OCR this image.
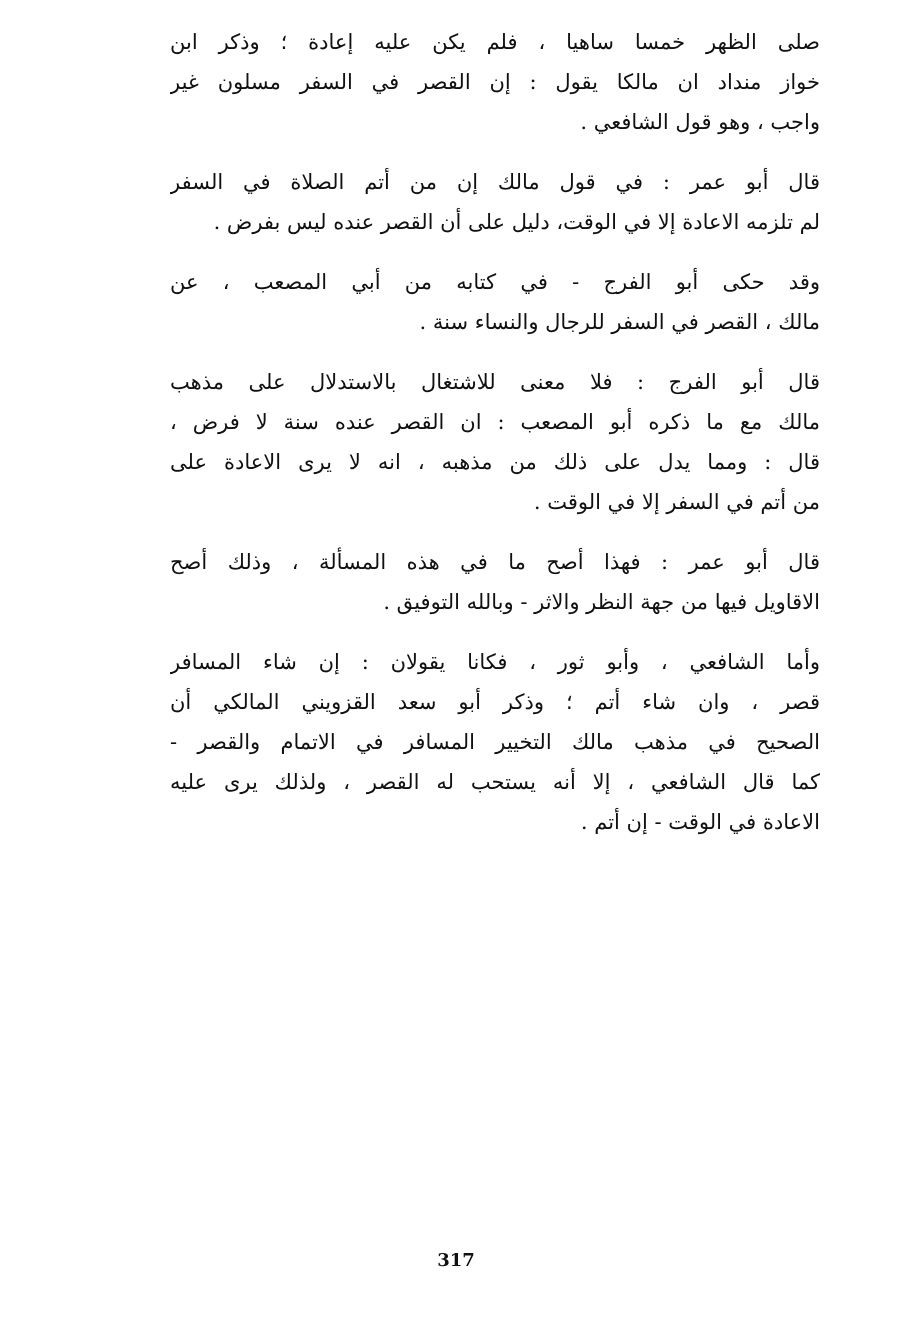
صلى الظهر خمسا ساهيا ، فلم يكن عليه إعادة ؛ وذكر ابن
خواز منداد ان مالكا يقول : إن القصر في السفر مسلون غير
واجب ، وهو قول الشافعي .
قال أبو عمر : في قول مالك إن من أتم الصلاة في السفر
لم تلزمه الاعادة إلا في الوقت، دليل على أن القصر عنده ليس بفرض .
وقد حكى أبو الفرج - في كتابه من أبي المصعب ، عن
مالك ، القصر في السفر للرجال والنساء سنة .
قال أبو الفرج : فلا معنى للاشتغال بالاستدلال على مذهب
مالك مع ما ذكره أبو المصعب : ان القصر عنده سنة لا فرض ،
قال : ومما يدل على ذلك من مذهبه ، انه لا يرى الاعادة على
من أتم في السفر إلا في الوقت .
قال أبو عمر : فهذا أصح ما في هذه المسألة ، وذلك أصح
الاقاويل فيها من جهة النظر والاثر - وبالله التوفيق .
وأما الشافعي ، وأبو ثور ، فكانا يقولان : إن شاء المسافر
قصر ، وان شاء أتم ؛ وذكر أبو سعد القزويني المالكي أن
الصحيح في مذهب مالك التخيير المسافر في الاتمام والقصر -
كما قال الشافعي ، إلا أنه يستحب له القصر ، ولذلك يرى عليه
الاعادة في الوقت - إن أتم .
317
